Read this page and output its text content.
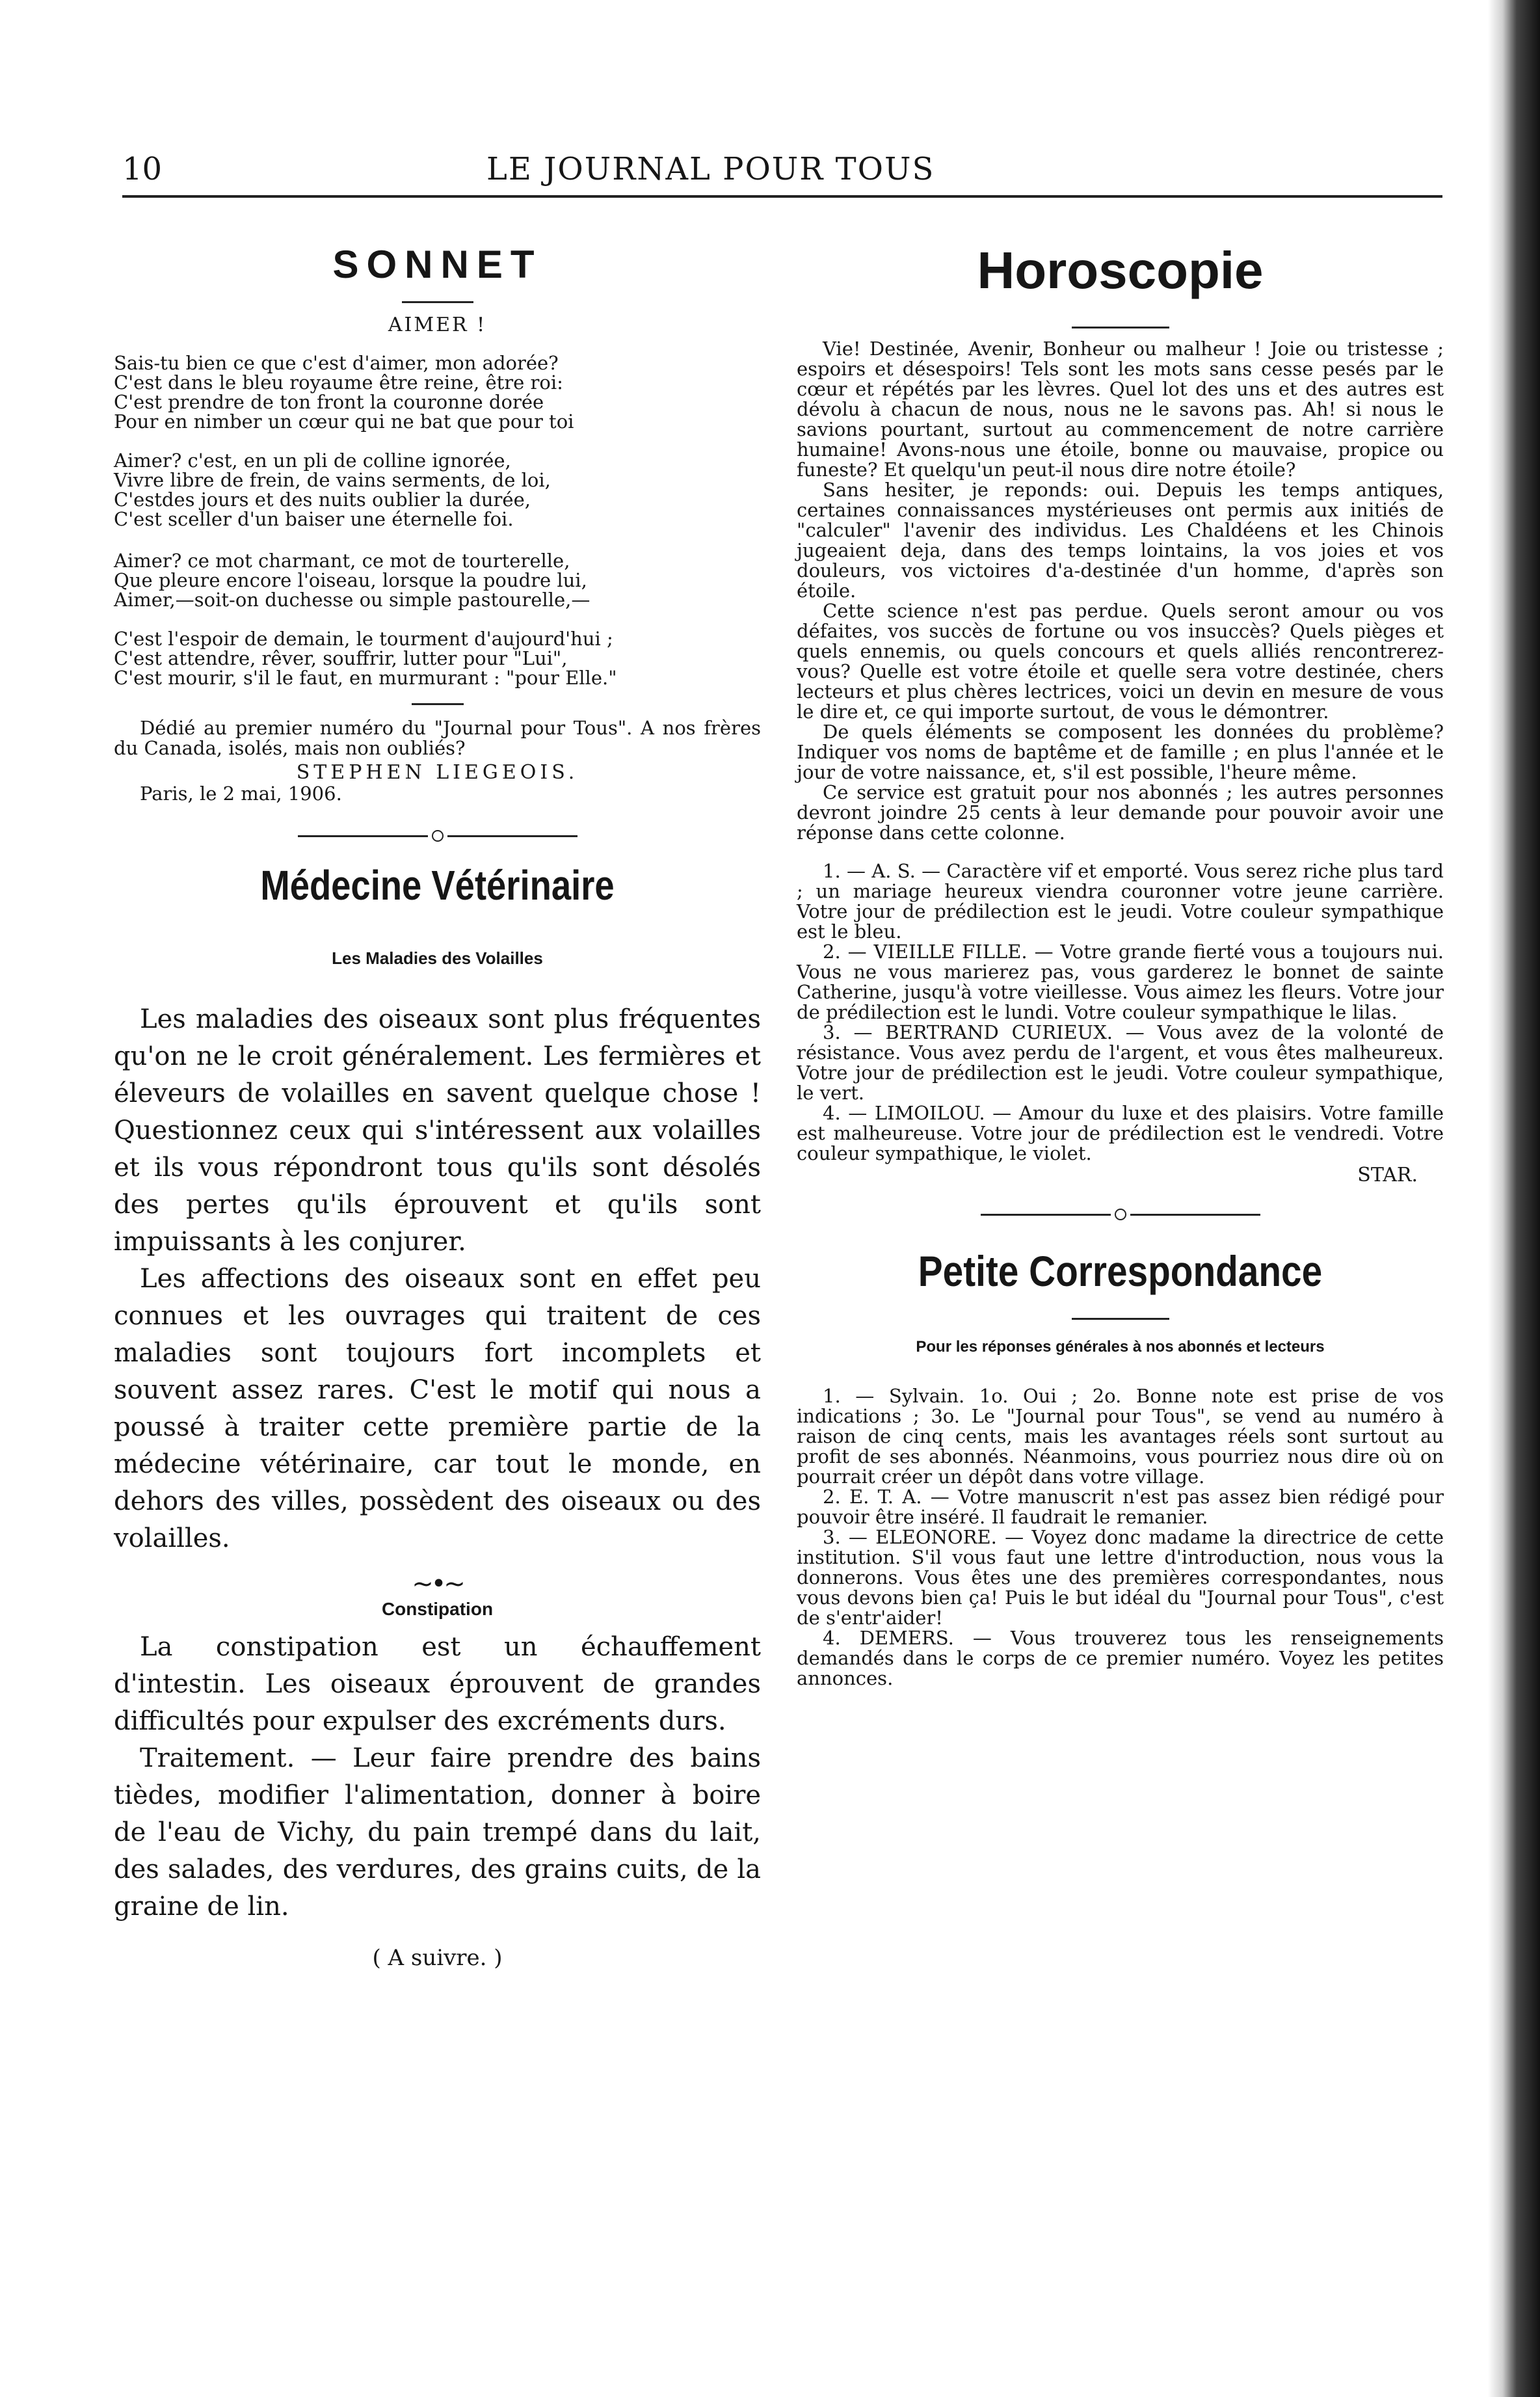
10	LE JOURNAL POUR TOUS
SONNET
AIMER !
Sais-tu bien ce que c'est d'aimer, mon adorée?
C'est dans le bleu royaume être reine, être roi:
C'est prendre de ton front la couronne dorée
Pour en nimber un cœur qui ne bat que pour toi
Aimer? c'est, en un pli de colline ignorée,
Vivre libre de frein, de vains serments, de loi,
C'estdes jours et des nuits oublier la durée,
C'est sceller d'un baiser une éternelle foi.
Aimer? ce mot charmant, ce mot de tourterelle,
Que pleure encore l'oiseau, lorsque la poudre lui,
Aimer,—soit-on duchesse ou simple pastourelle,—
C'est l'espoir de demain, le tourment d'aujourd'hui ;
C'est attendre, rêver, souffrir, lutter pour "Lui",
C'est mourir, s'il le faut, en murmurant : "pour Elle."
Dédié au premier numéro du "Journal pour Tous". A nos frères du Canada, isolés, mais non oubliés?
STEPHEN LIEGEOIS.
Paris, le 2 mai, 1906.
Médecine Vétérinaire
Les Maladies des Volailles

Les maladies des oiseaux sont plus fréquentes qu'on ne le croit généralement. Les fermières et éleveurs de volailles en savent quelque chose ! Questionnez ceux qui s'intéressent aux volailles et ils vous répondront tous qu'ils sont désolés des pertes qu'ils éprouvent et qu'ils sont impuissants à les conjurer.

Les affections des oiseaux sont en effet peu connues et les ouvrages qui traitent de ces maladies sont toujours fort incomplets et souvent assez rares. C'est le motif qui nous a poussé à traiter cette première partie de la médecine vétérinaire, car tout le monde, en dehors des villes, possèdent des oiseaux ou des volailles.

~•~
Constipation

La constipation est un échauffement d'intestin. Les oiseaux éprouvent de grandes difficultés pour expulser des excréments durs.

Traitement. — Leur faire prendre des bains tièdes, modifier l'alimentation, donner à boire de l'eau de Vichy, du pain trempé dans du lait, des salades, des verdures, des grains cuits, de la graine de lin.

( A suivre. )
Horoscopie

Vie! Destinée, Avenir, Bonheur ou malheur ! Joie ou tristesse ; espoirs et désespoirs! Tels sont les mots sans cesse pesés par le cœur et répétés par les lèvres. Quel lot des uns et des autres est dévolu à chacun de nous, nous ne le savons pas. Ah! si nous le savions pourtant, surtout au commencement de notre carrière humaine! Avons-nous une étoile, bonne ou mauvaise, propice ou funeste? Et quelqu'un peut-il nous dire notre étoile?

Sans hesiter, je reponds: oui. Depuis les temps antiques, certaines connaissances mystérieuses ont permis aux initiés de "calculer" l'avenir des individus. Les Chaldéens et les Chinois jugeaient deja, dans des temps lointains, la vos joies et vos douleurs, vos victoires d'a-destinée d'un homme, d'après son étoile.

Cette science n'est pas perdue. Quels seront amour ou vos défaites, vos succès de fortune ou vos insuccès? Quels pièges et quels ennemis, ou quels concours et quels alliés rencontrerez-vous? Quelle est votre étoile et quelle sera votre destinée, chers lecteurs et plus chères lectrices, voici un devin en mesure de vous le dire et, ce qui importe surtout, de vous le démontrer.

De quels éléments se composent les données du problème? Indiquer vos noms de baptême et de famille ; en plus l'année et le jour de votre naissance, et, s'il est possible, l'heure même.

Ce service est gratuit pour nos abonnés ; les autres personnes devront joindre 25 cents à leur demande pour pouvoir avoir une réponse dans cette colonne.

1. — A. S. — Caractère vif et emporté. Vous serez riche plus tard ; un mariage heureux viendra couronner votre jeune carrière. Votre jour de prédilection est le jeudi. Votre couleur sympathique est le bleu.

2. — VIEILLE FILLE. — Votre grande fierté vous a toujours nui. Vous ne vous marierez pas, vous garderez le bonnet de sainte Catherine, jusqu'à votre vieillesse. Vous aimez les fleurs. Votre jour de prédilection est le lundi. Votre couleur sympathique le lilas.

3. — BERTRAND CURIEUX. — Vous avez de la volonté de résistance. Vous avez perdu de l'argent, et vous êtes malheureux. Votre jour de prédilection est le jeudi. Votre couleur sympathique, le vert.

4. — LIMOILOU. — Amour du luxe et des plaisirs. Votre famille est malheureuse. Votre jour de prédilection est le vendredi. Votre couleur sympathique, le violet.

STAR.
Petite Correspondance
Pour les réponses générales à nos abonnés et lecteurs

1. — Sylvain. 1o. Oui ; 2o. Bonne note est prise de vos indications ; 3o. Le "Journal pour Tous", se vend au numéro à raison de cinq cents, mais les avantages réels sont surtout au profit de ses abonnés. Néanmoins, vous pourriez nous dire où on pourrait créer un dépôt dans votre village.

2. E. T. A. — Votre manuscrit n'est pas assez bien rédigé pour pouvoir être inséré. Il faudrait le remanier.

3. — ELEONORE. — Voyez donc madame la directrice de cette institution. S'il vous faut une lettre d'introduction, nous vous la donnerons. Vous êtes une des premières correspondantes, nous vous devons bien ça! Puis le but idéal du "Journal pour Tous", c'est de s'entr'aider!

4. DEMERS. — Vous trouverez tous les renseignements demandés dans le corps de ce premier numéro. Voyez les petites annonces.
